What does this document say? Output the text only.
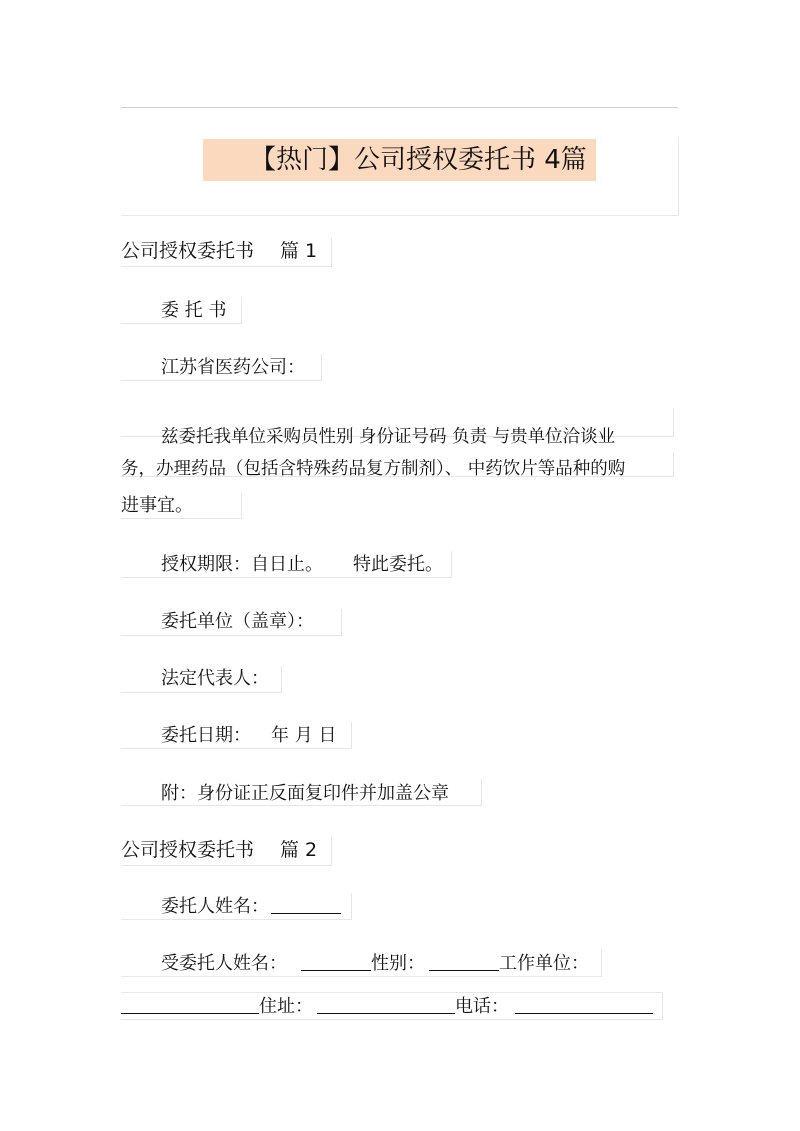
【热门】公司授权委托书 4篇
公司授权委托书 篇 1
委 托 书
江苏省医药公司：
兹委托我单位采购员性别 身份证号码 负责 与贵单位洽谈业
务，办理药品（包括含特殊药品复方制剂）、 中药饮片等品种的购
进事宜。
授权期限：自日止。 特此委托。
委托单位（盖章）：
法定代表人：
委托日期： 年 月 日
附：身份证正反面复印件并加盖公章
公司授权委托书 篇 2
委托人姓名：
受委托人姓名：	性别：	工作单位：
住址：	电话：
